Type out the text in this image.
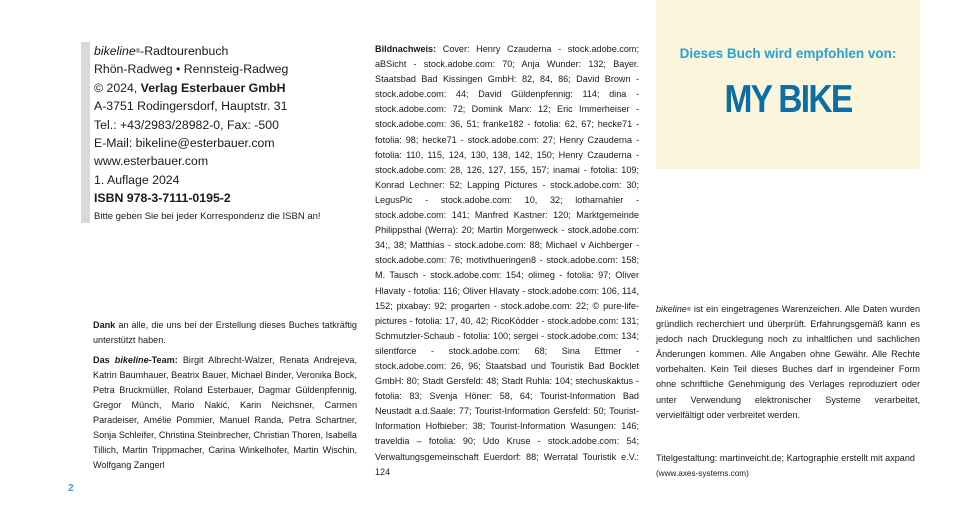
bikeline®-Radtourenbuch
Rhön-Radweg • Rennsteig-Radweg
© 2024, Verlag Esterbauer GmbH
A-3751 Rodingersdorf, Hauptstr. 31
Tel.: +43/2983/28982-0, Fax: -500
E-Mail: bikeline@esterbauer.com
www.esterbauer.com
1. Auflage 2024
ISBN 978-3-7111-0195-2
Bitte geben Sie bei jeder Korrespondenz die ISBN an!

Dank an alle, die uns bei der Erstellung dieses Buches tatkräftig unterstützt haben.

Das bikeline-Team: Birgit Albrecht-Walzer, Renata Andrejeva, Katrin Baumhauer, Beatrix Bauer, Michael Binder, Veronika Bock, Petra Bruckmüller, Roland Esterbauer, Dagmar Güldenpfennig, Gregor Münch, Mario Nakić, Karin Neichsner, Carmen Paradeiser, Amélie Pommier, Manuel Randa, Petra Schartner, Sonja Schleifer, Christina Steinbrecher, Christian Thoren, Isabella Tillich, Martin Trippmacher, Carina Winkelhofer, Martin Wischin, Wolfgang Zangerl

Bildnachweis: Cover: Henry Czauderna - stock.adobe.com; aBSicht - stock.adobe.com: 70; Anja Wunder: 132; Bayer. Staatsbad Bad Kissingen GmbH: 82, 84, 86; David Brown - stock.adobe.com: 44; David Güldenpfennig: 114; dina - stock.adobe.com: 72; Domink Marx: 12; Eric Immerheiser - stock.adobe.com: 36, 51; franke182 - fotolia: 62, 67; hecke71 - fotolia: 98; hecke71 - stock.adobe.com: 27; Henry Czauderna - fotolia: 110, 115, 124, 130, 138, 142, 150; Henry Czauderna - stock.adobe.com: 28, 126, 127, 155, 157; inamai - fotolia: 109; Konrad Lechner: 52; Lapping Pictures - stock.adobe.com: 30; LegusPic - stock.adobe.com: 10, 32; lotharnahler - stock.adobe.com: 141; Manfred Kastner: 120; Marktgemeinde Philippsthal (Werra): 20; Martin Morgenweck - stock.adobe.com: 34;, 38; Matthias - stock.adobe.com: 88; Michael v Aichberger - stock.adobe.com: 76; motivthueringen8 - stock.adobe.com: 158; M. Tausch - stock.adobe.com: 154; olimeg - fotolia: 97; Oliver Hlavaty - fotolia: 116; Oliver Hlavaty - stock.adobe.com: 106, 114, 152; pixabay: 92; progarten - stock.adobe.com: 22; © pure-life-pictures - fotolia: 17, 40, 42; RicoKödder - stock.adobe.com: 131; Schmutzler-Schaub - fotolia: 100; sergei - stock.adobe.com: 134; silentforce - stock.adobe.com: 68; Sina Ettmer - stock.adobe.com: 26, 96; Staatsbad und Touristik Bad Bocklet GmbH: 80; Stadt Gersfeld: 48; Stadt Ruhla: 104; stechuskaktus - fotolia: 83; Svenja Höner: 58, 64; Tourist-Information Bad Neustadt a.d.Saale: 77; Tourist-Information Gersfeld: 50; Tourist-Information Hofbieber: 38; Tourist-Information Wasungen: 146; traveldia – fotolia: 90; Udo Kruse - stock.adobe.com: 54; Verwaltungsgemeinschaft Euerdorf: 88; Werratal Touristik e.V.: 124
Dieses Buch wird empfohlen von:
MY BIKE
bikeline® ist ein eingetragenes Warenzeichen. Alle Daten wurden gründlich recherchiert und überprüft. Erfahrungsgemäß kann es jedoch nach Drucklegung noch zu inhaltlichen und sachlichen Änderungen kommen. Alle Angaben ohne Gewähr. Alle Rechte vorbehalten. Kein Teil dieses Buches darf in irgendeiner Form ohne schriftliche Genehmigung des Verlages reproduziert oder unter Verwendung elektronischer Systeme verarbeitet, vervielfältigt oder verbreitet werden.
Titelgestaltung: martinveicht.de; Kartographie erstellt mit axpand (www.axes-systems.com)
2
